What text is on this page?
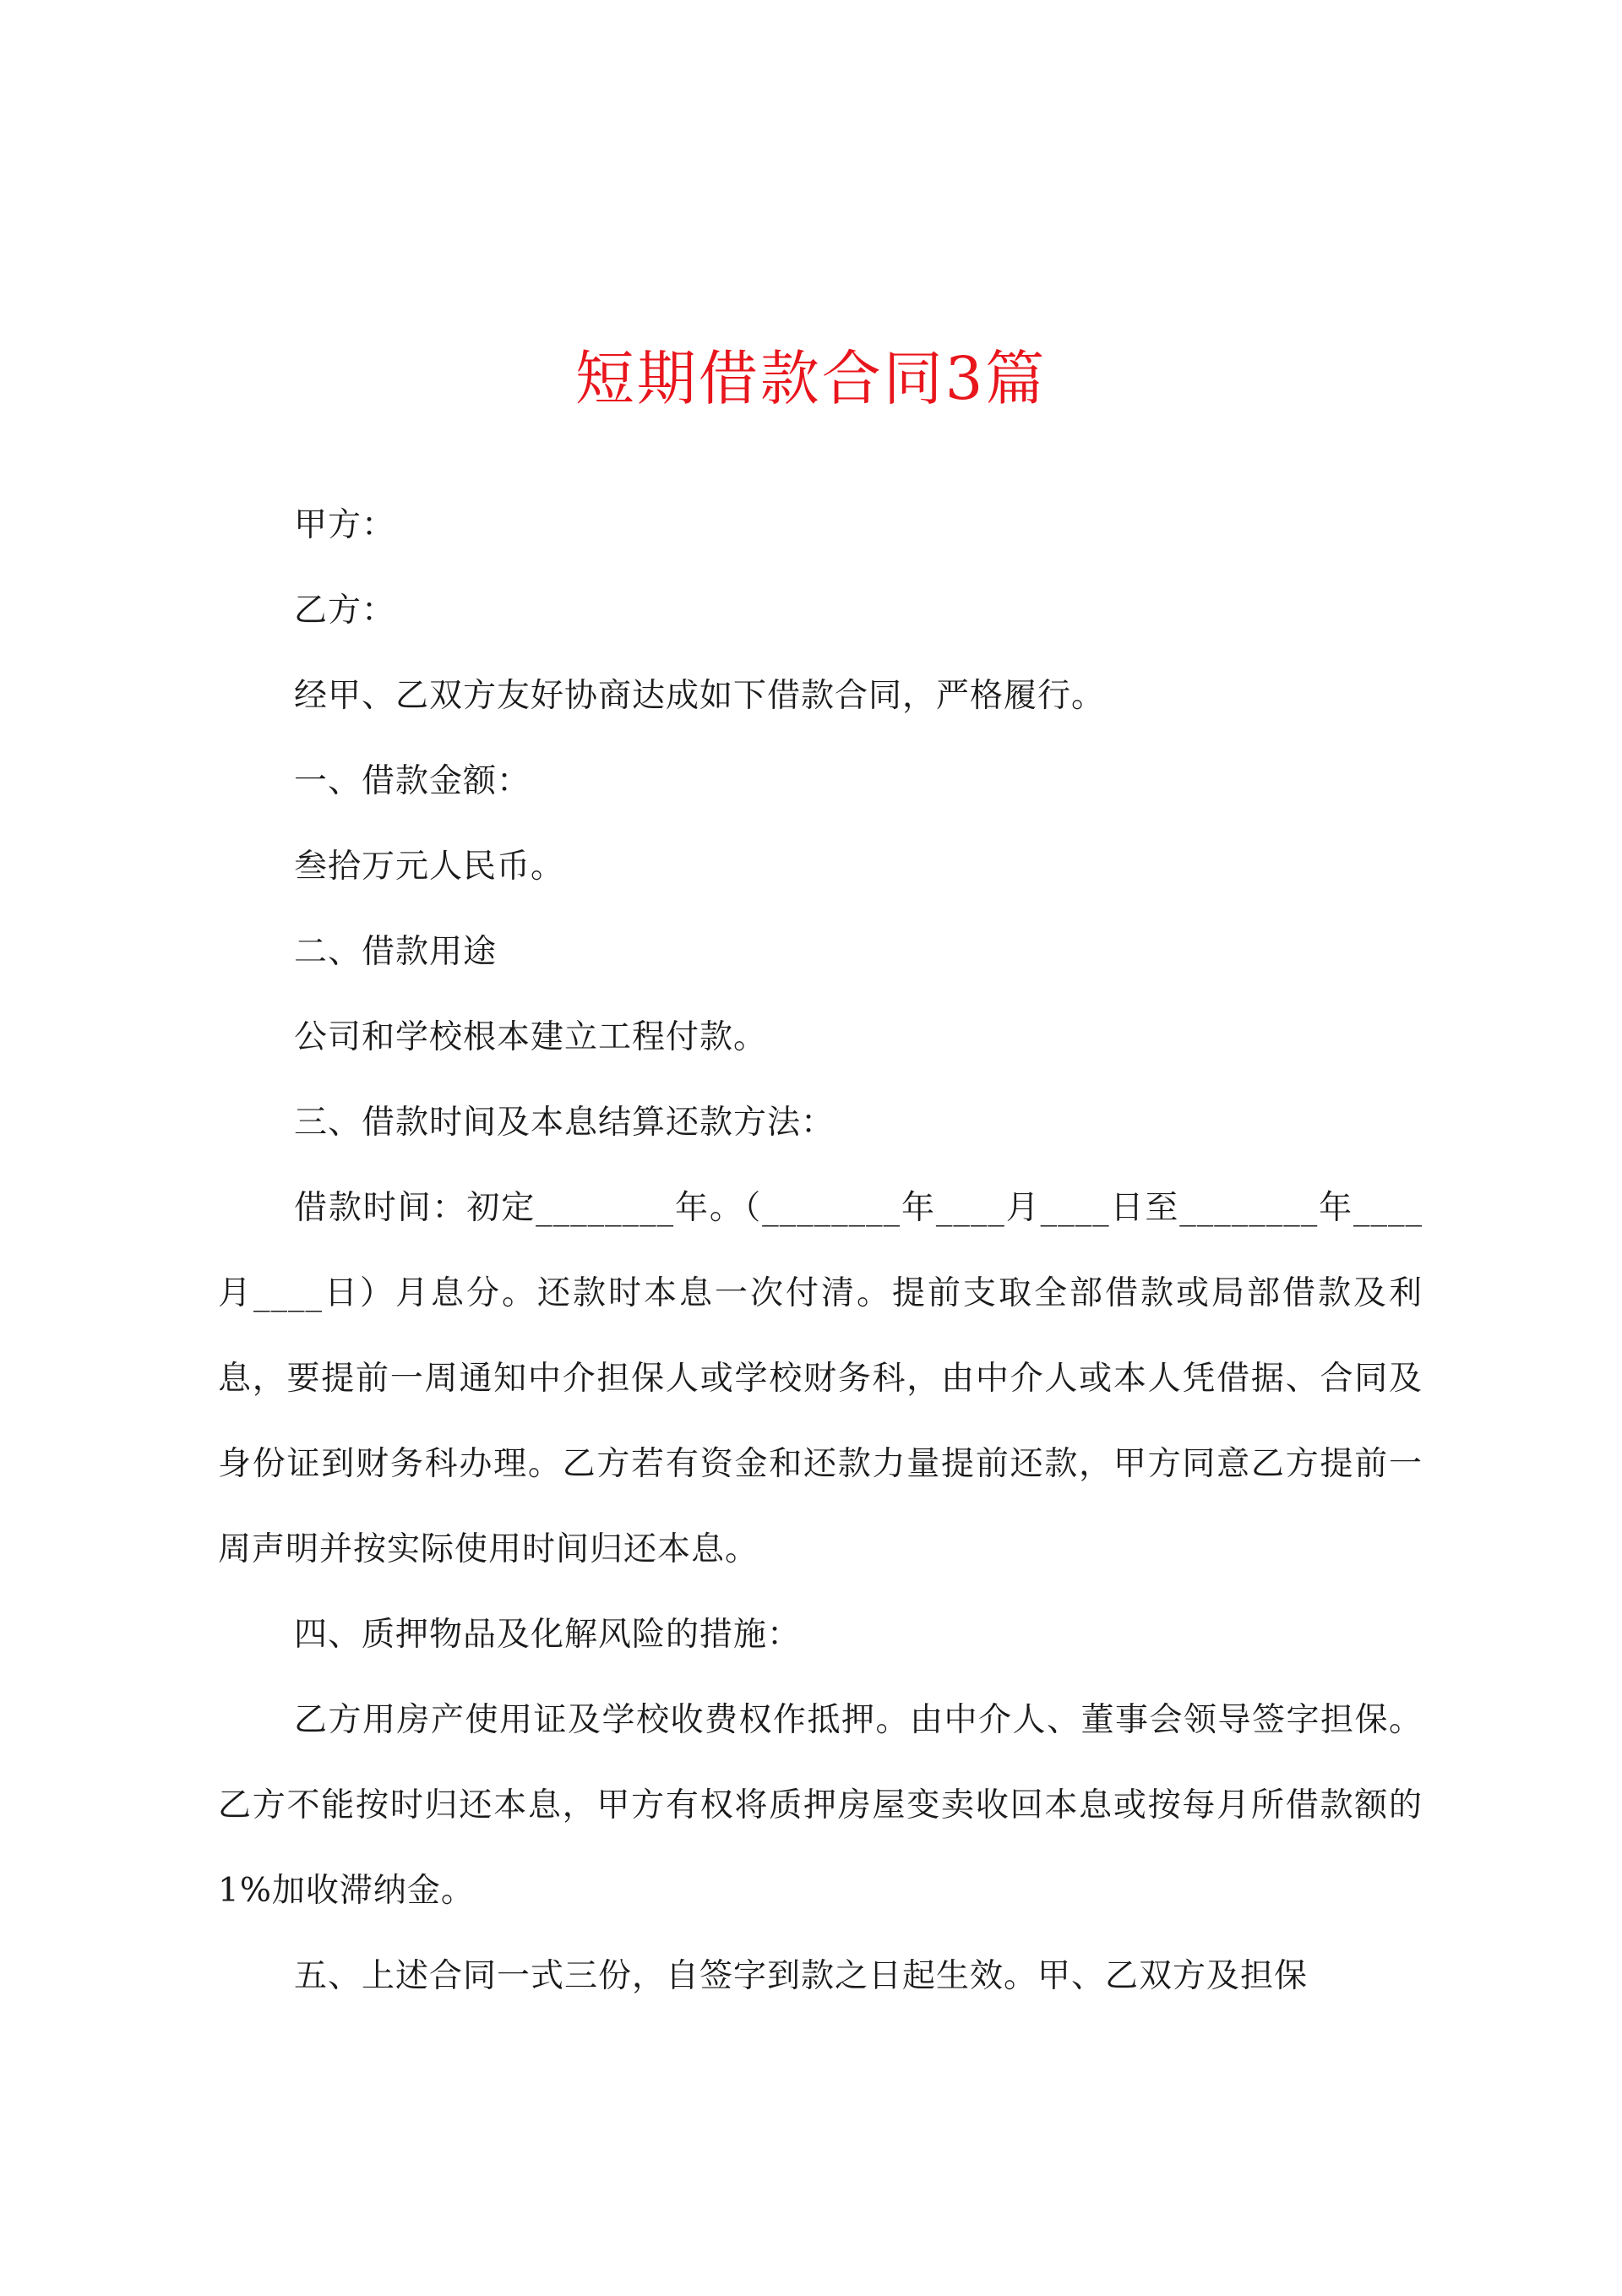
短期借款合同3篇

甲方：

乙方：

经甲、乙双方友好协商达成如下借款合同，严格履行。

一、借款金额：

叁拾万元人民币。

二、借款用途

公司和学校根本建立工程付款。

三、借款时间及本息结算还款方法：

借款时间：初定________年。（________年____月____日至________年____月____日）月息分。还款时本息一次付清。提前支取全部借款或局部借款及利息，要提前一周通知中介担保人或学校财务科，由中介人或本人凭借据、合同及身份证到财务科办理。乙方若有资金和还款力量提前还款，甲方同意乙方提前一周声明并按实际使用时间归还本息。

四、质押物品及化解风险的措施：

乙方用房产使用证及学校收费权作抵押。由中介人、董事会领导签字担保。乙方不能按时归还本息，甲方有权将质押房屋变卖收回本息或按每月所借款额的1%加收滞纳金。

五、上述合同一式三份，自签字到款之日起生效。甲、乙双方及担保
